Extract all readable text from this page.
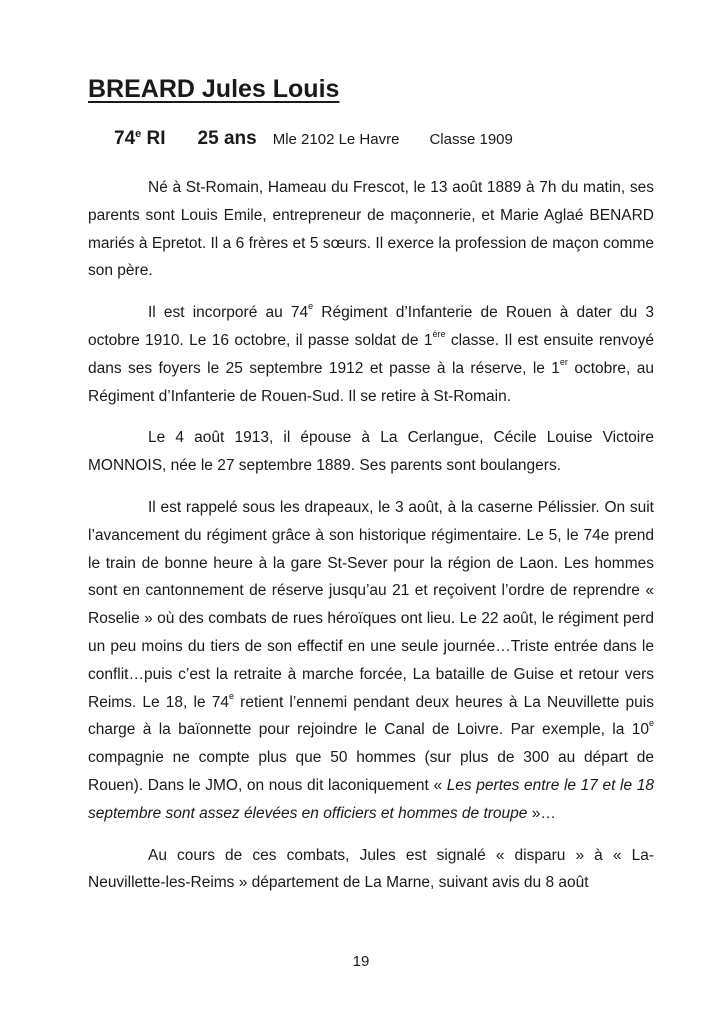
BREARD Jules Louis
74e RI 25 ans Mle 2102 Le Havre Classe 1909

Né à St-Romain, Hameau du Frescot, le 13 août 1889 à 7h du matin, ses parents sont Louis Emile, entrepreneur de maçonnerie, et Marie Aglaé BENARD mariés à Epretot. Il a 6 frères et 5 sœurs. Il exerce la profession de maçon comme son père.

Il est incorporé au 74e Régiment d’Infanterie de Rouen à dater du 3 octobre 1910. Le 16 octobre, il passe soldat de $1^{ére}$ classe. Il est ensuite renvoyé dans ses foyers le 25 septembre 1912 et passe à la réserve, le 1er octobre, au Régiment d’Infanterie de Rouen-Sud. Il se retire à St-Romain.

Le 4 août 1913, il épouse à La Cerlangue, Cécile Louise Victoire MONNOIS, née le 27 septembre 1889. Ses parents sont boulangers.

Il est rappelé sous les drapeaux, le 3 août, à la caserne Pélissier. On suit l’avancement du régiment grâce à son historique régimentaire. Le 5, le 74e prend le train de bonne heure à la gare St-Sever pour la région de Laon. Les hommes sont en cantonnement de réserve jusqu’au 21 et reçoivent l’ordre de reprendre « Roselie » où des combats de rues héroïques ont lieu. Le 22 août, le régiment perd un peu moins du tiers de son effectif en une seule journée…Triste entrée dans le conflit…puis c’est la retraite à marche forcée, La bataille de Guise et retour vers Reims. Le 18, le 74e retient l’ennemi pendant deux heures à La Neuvillette puis charge à la baïonnette pour rejoindre le Canal de Loivre. Par exemple, la 10e compagnie ne compte plus que 50 hommes (sur plus de 300 au départ de Rouen). Dans le JMO, on nous dit laconiquement « Les pertes entre le 17 et le 18 septembre sont assez élevées en officiers et hommes de troupe »…

Au cours de ces combats, Jules est signalé « disparu » à « La-Neuvillette-les-Reims » département de La Marne, suivant avis du 8 août

19
